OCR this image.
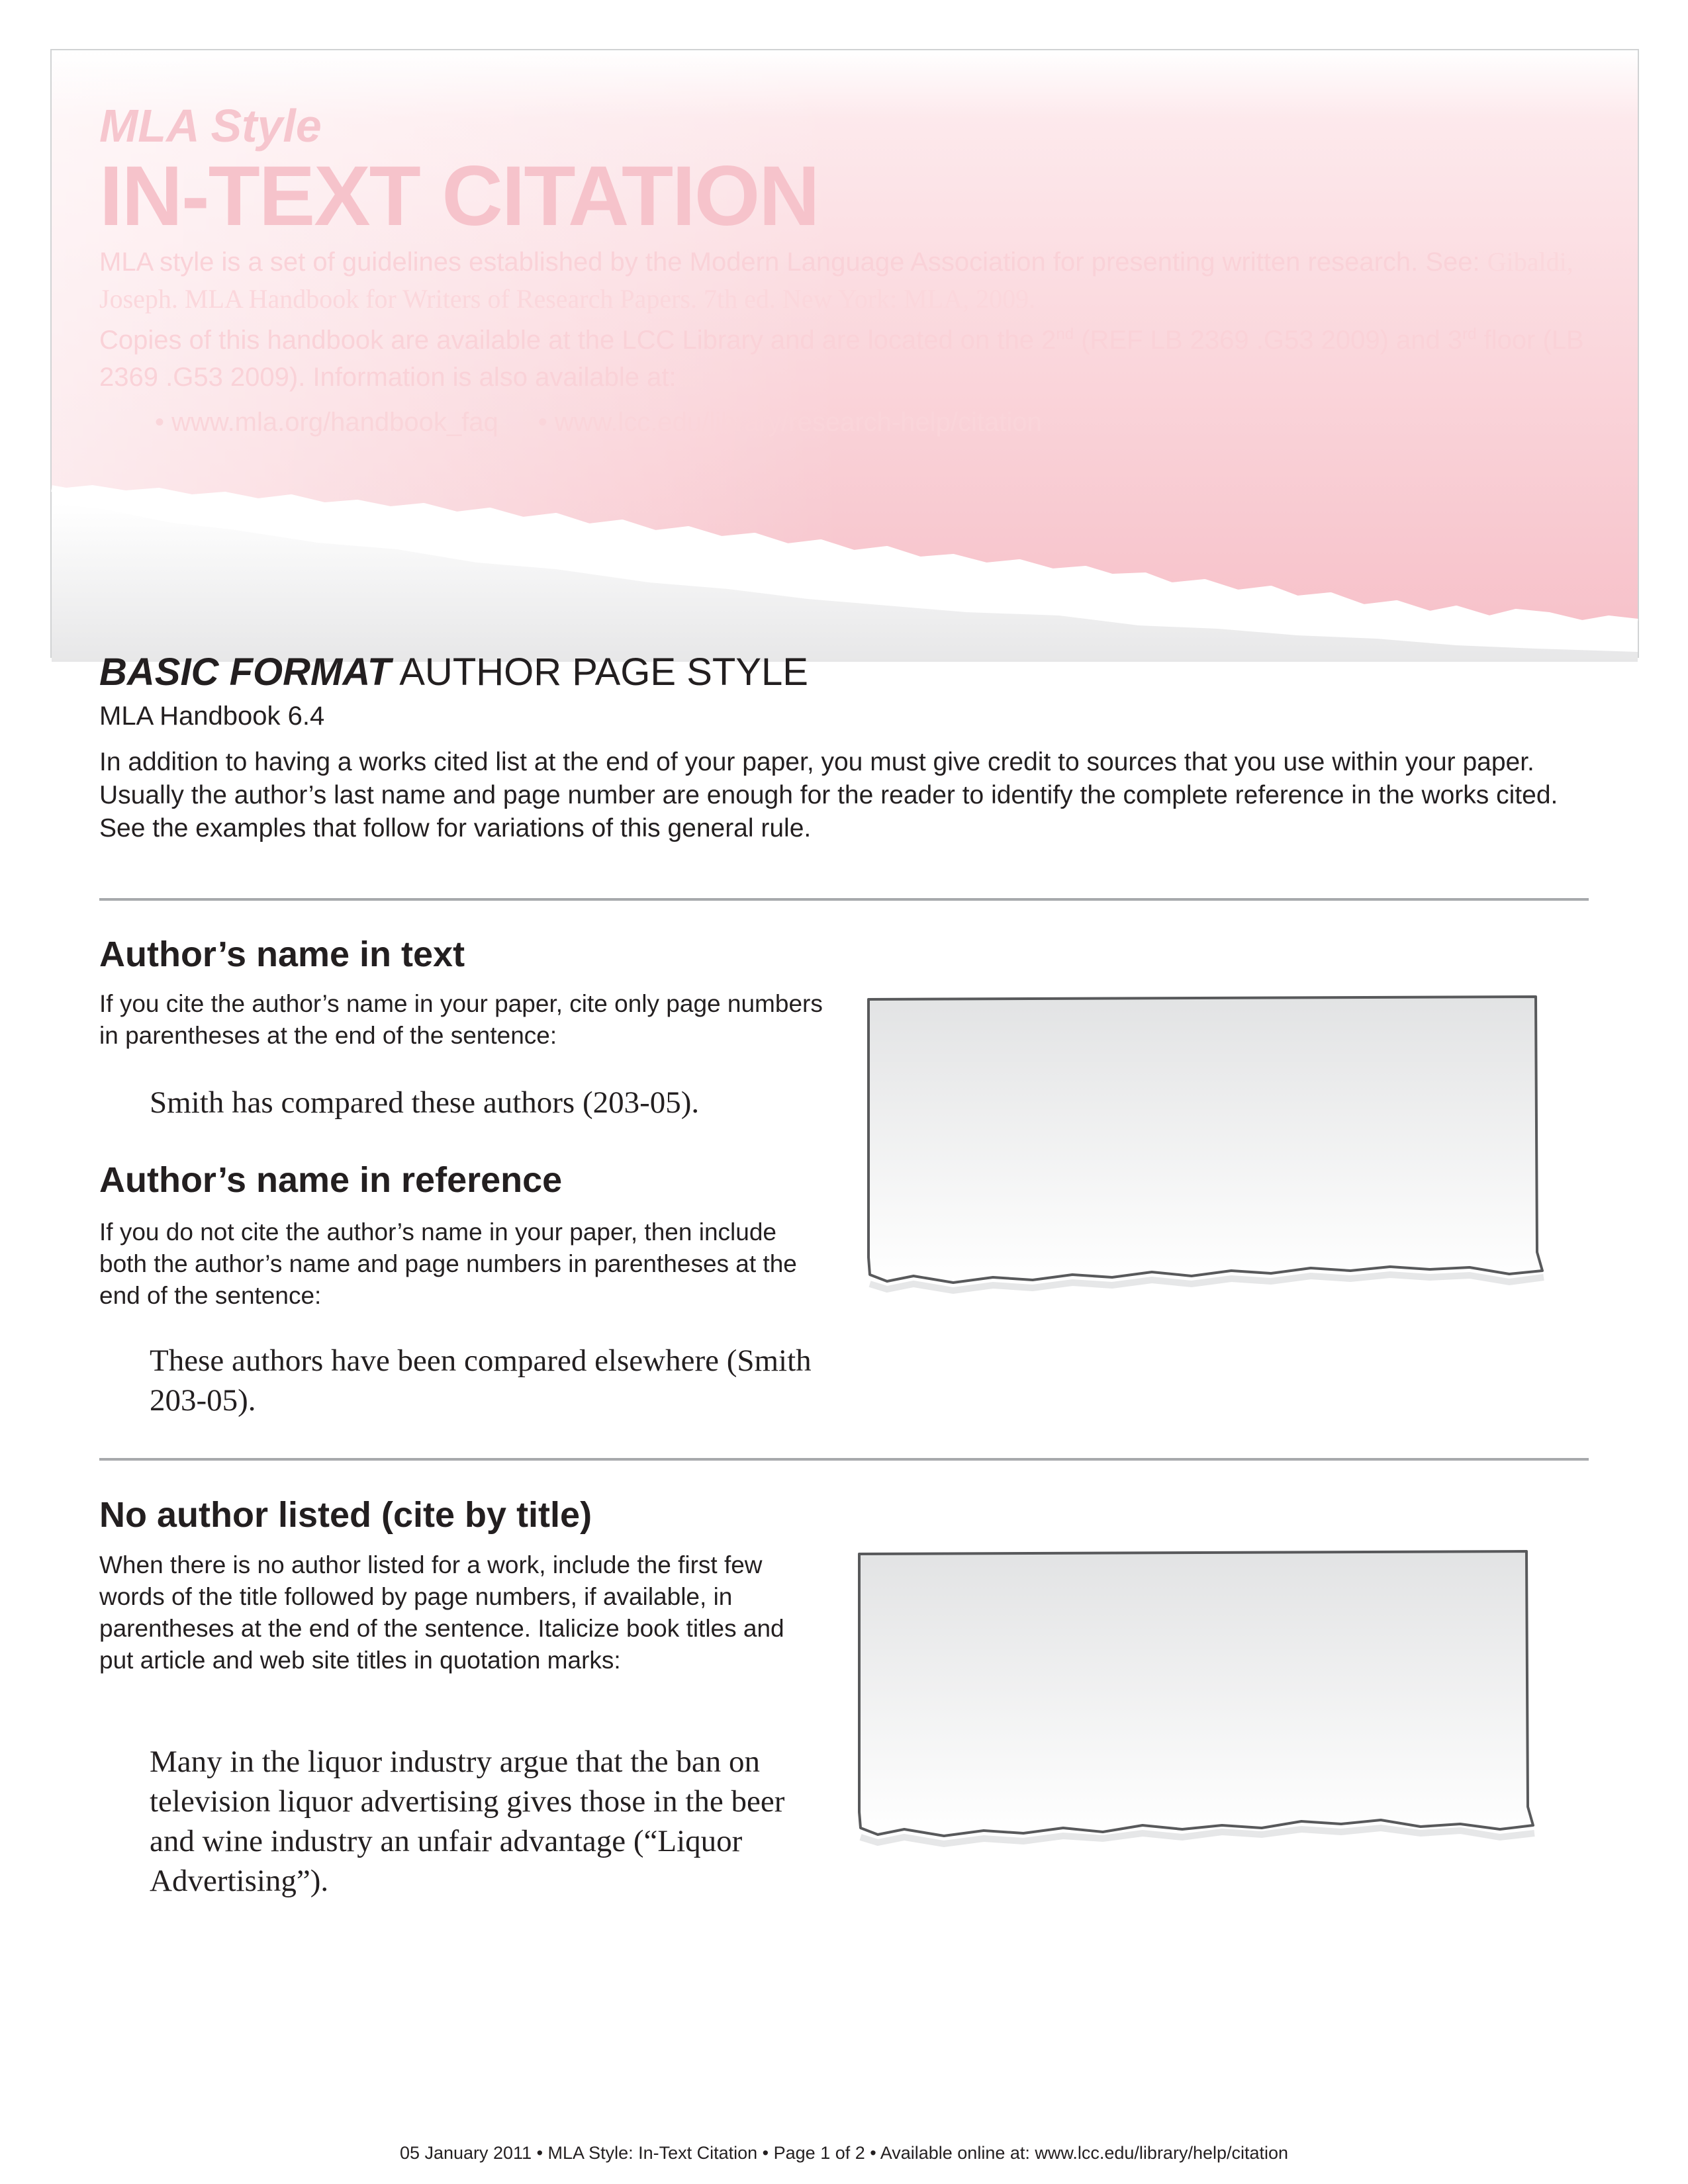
MLA Style
IN-TEXT CITATION

MLA style is a set of guidelines established by the Modern Language Association for presenting written research. See: Gibaldi, Joseph. MLA Handbook for Writers of Research Papers. 7th ed. New York: MLA, 2009.

Copies of this handbook are available at the LCC Library and are located on the 2nd (REF LB 2369 .G53 2009) and 3rd floor (LB 2369 .G53 2009). Information is also available at:

• www.mla.org/handbook_faq • www.lcc.edu/library/research-help/citation
BASIC FORMAT AUTHOR PAGE STYLE
MLA Handbook 6.4
In addition to having a works cited list at the end of your paper, you must give credit to sources that you use within your paper. Usually the author’s last name and page number are enough for the reader to identify the complete reference in the works cited. See the examples that follow for variations of this general rule.
Author’s name in text
If you cite the author’s name in your paper, cite only page numbers in parentheses at the end of the sentence:
Smith has compared these authors (203-05).
Author’s name in reference
If you do not cite the author’s name in your paper, then include both the author’s name and page numbers in parentheses at the end of the sentence:
These authors have been compared elsewhere (Smith 203-05).
No author listed (cite by title)
When there is no author listed for a work, include the first few words of the title followed by page numbers, if available, in parentheses at the end of the sentence. Italicize book titles and put article and web site titles in quotation marks:
Many in the liquor industry argue that the ban on television liquor advertising gives those in the beer and wine industry an unfair advantage (“Liquor Advertising”).
05 January 2011 • MLA Style: In-Text Citation • Page 1 of 2 • Available online at: www.lcc.edu/library/help/citation
